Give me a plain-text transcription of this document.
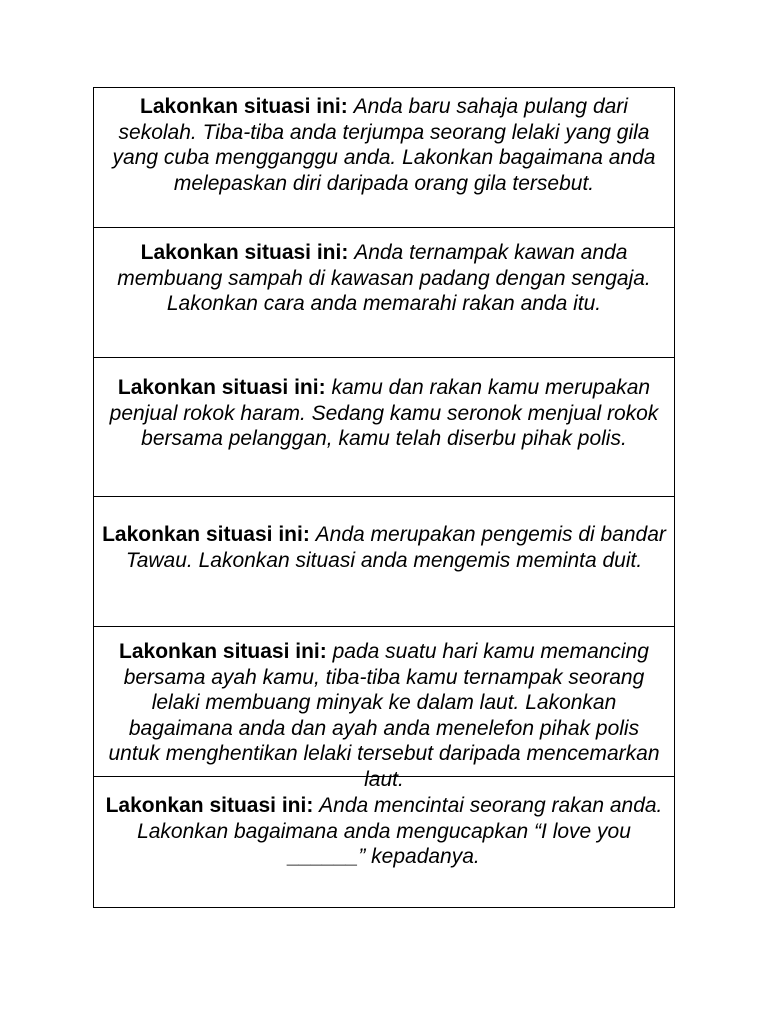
Lakonkan situasi ini: Anda baru sahaja pulang dari sekolah. Tiba-tiba anda terjumpa seorang lelaki yang gila yang cuba mengganggu anda. Lakonkan bagaimana anda melepaskan diri daripada orang gila tersebut.

Lakonkan situasi ini: Anda ternampak kawan anda membuang sampah di kawasan padang dengan sengaja. Lakonkan cara anda memarahi rakan anda itu.

Lakonkan situasi ini: kamu dan rakan kamu merupakan penjual rokok haram. Sedang kamu seronok menjual rokok bersama pelanggan, kamu telah diserbu pihak polis.

Lakonkan situasi ini: Anda merupakan pengemis di bandar Tawau. Lakonkan situasi anda mengemis meminta duit.

Lakonkan situasi ini: pada suatu hari kamu memancing bersama ayah kamu, tiba-tiba kamu ternampak seorang lelaki membuang minyak ke dalam laut. Lakonkan bagaimana anda dan ayah anda menelefon pihak polis untuk menghentikan lelaki tersebut daripada mencemarkan laut.

Lakonkan situasi ini: Anda mencintai seorang rakan anda. Lakonkan bagaimana anda mengucapkan “I love you ______” kepadanya.
